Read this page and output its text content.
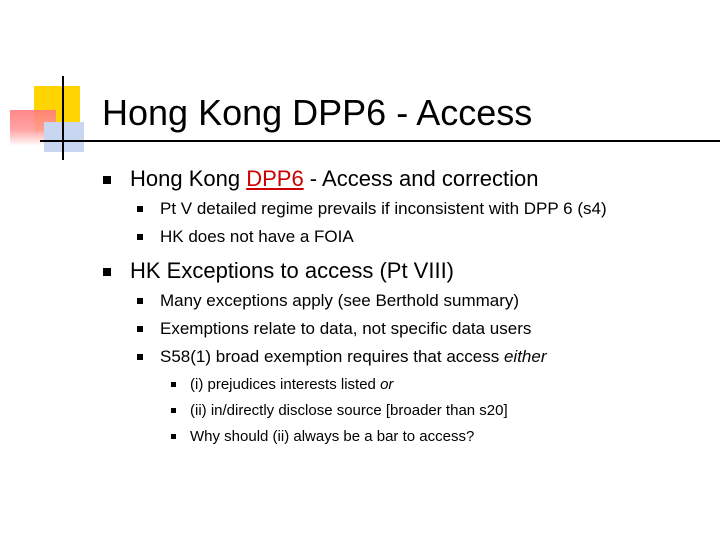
Hong Kong DPP6 - Access
Hong Kong DPP6 - Access and correction
Pt V detailed regime prevails if inconsistent with DPP 6 (s4)
HK does not have a FOIA
HK Exceptions to access (Pt VIII)
Many exceptions apply (see Berthold summary)
Exemptions relate to data, not specific data users
S58(1) broad exemption requires that access either
(i) prejudices interests listed or
(ii) in/directly disclose source [broader than s20]
Why should (ii) always be a bar to access?
